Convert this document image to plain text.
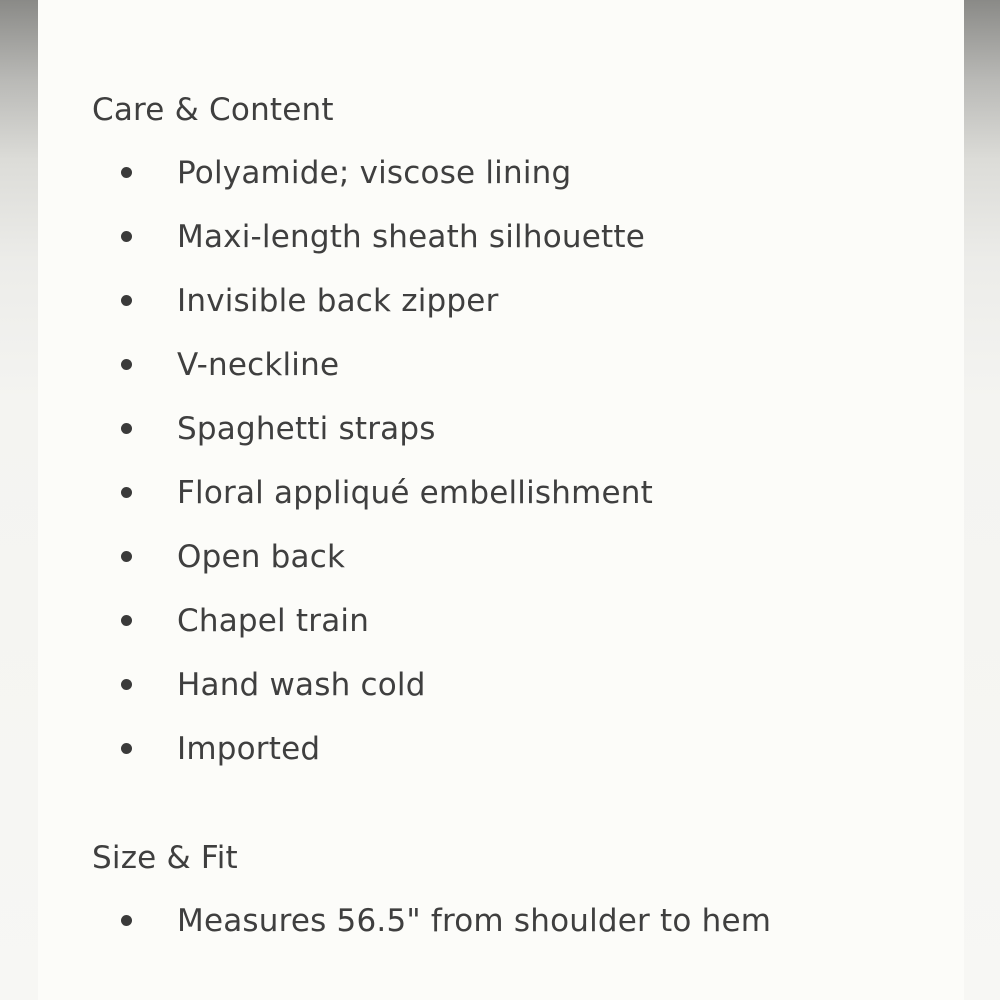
Care & Content
Polyamide; viscose lining
Maxi-length sheath silhouette
Invisible back zipper
V-neckline
Spaghetti straps
Floral appliqué embellishment
Open back
Chapel train
Hand wash cold
Imported
Size & Fit
Measures 56.5" from shoulder to hem
